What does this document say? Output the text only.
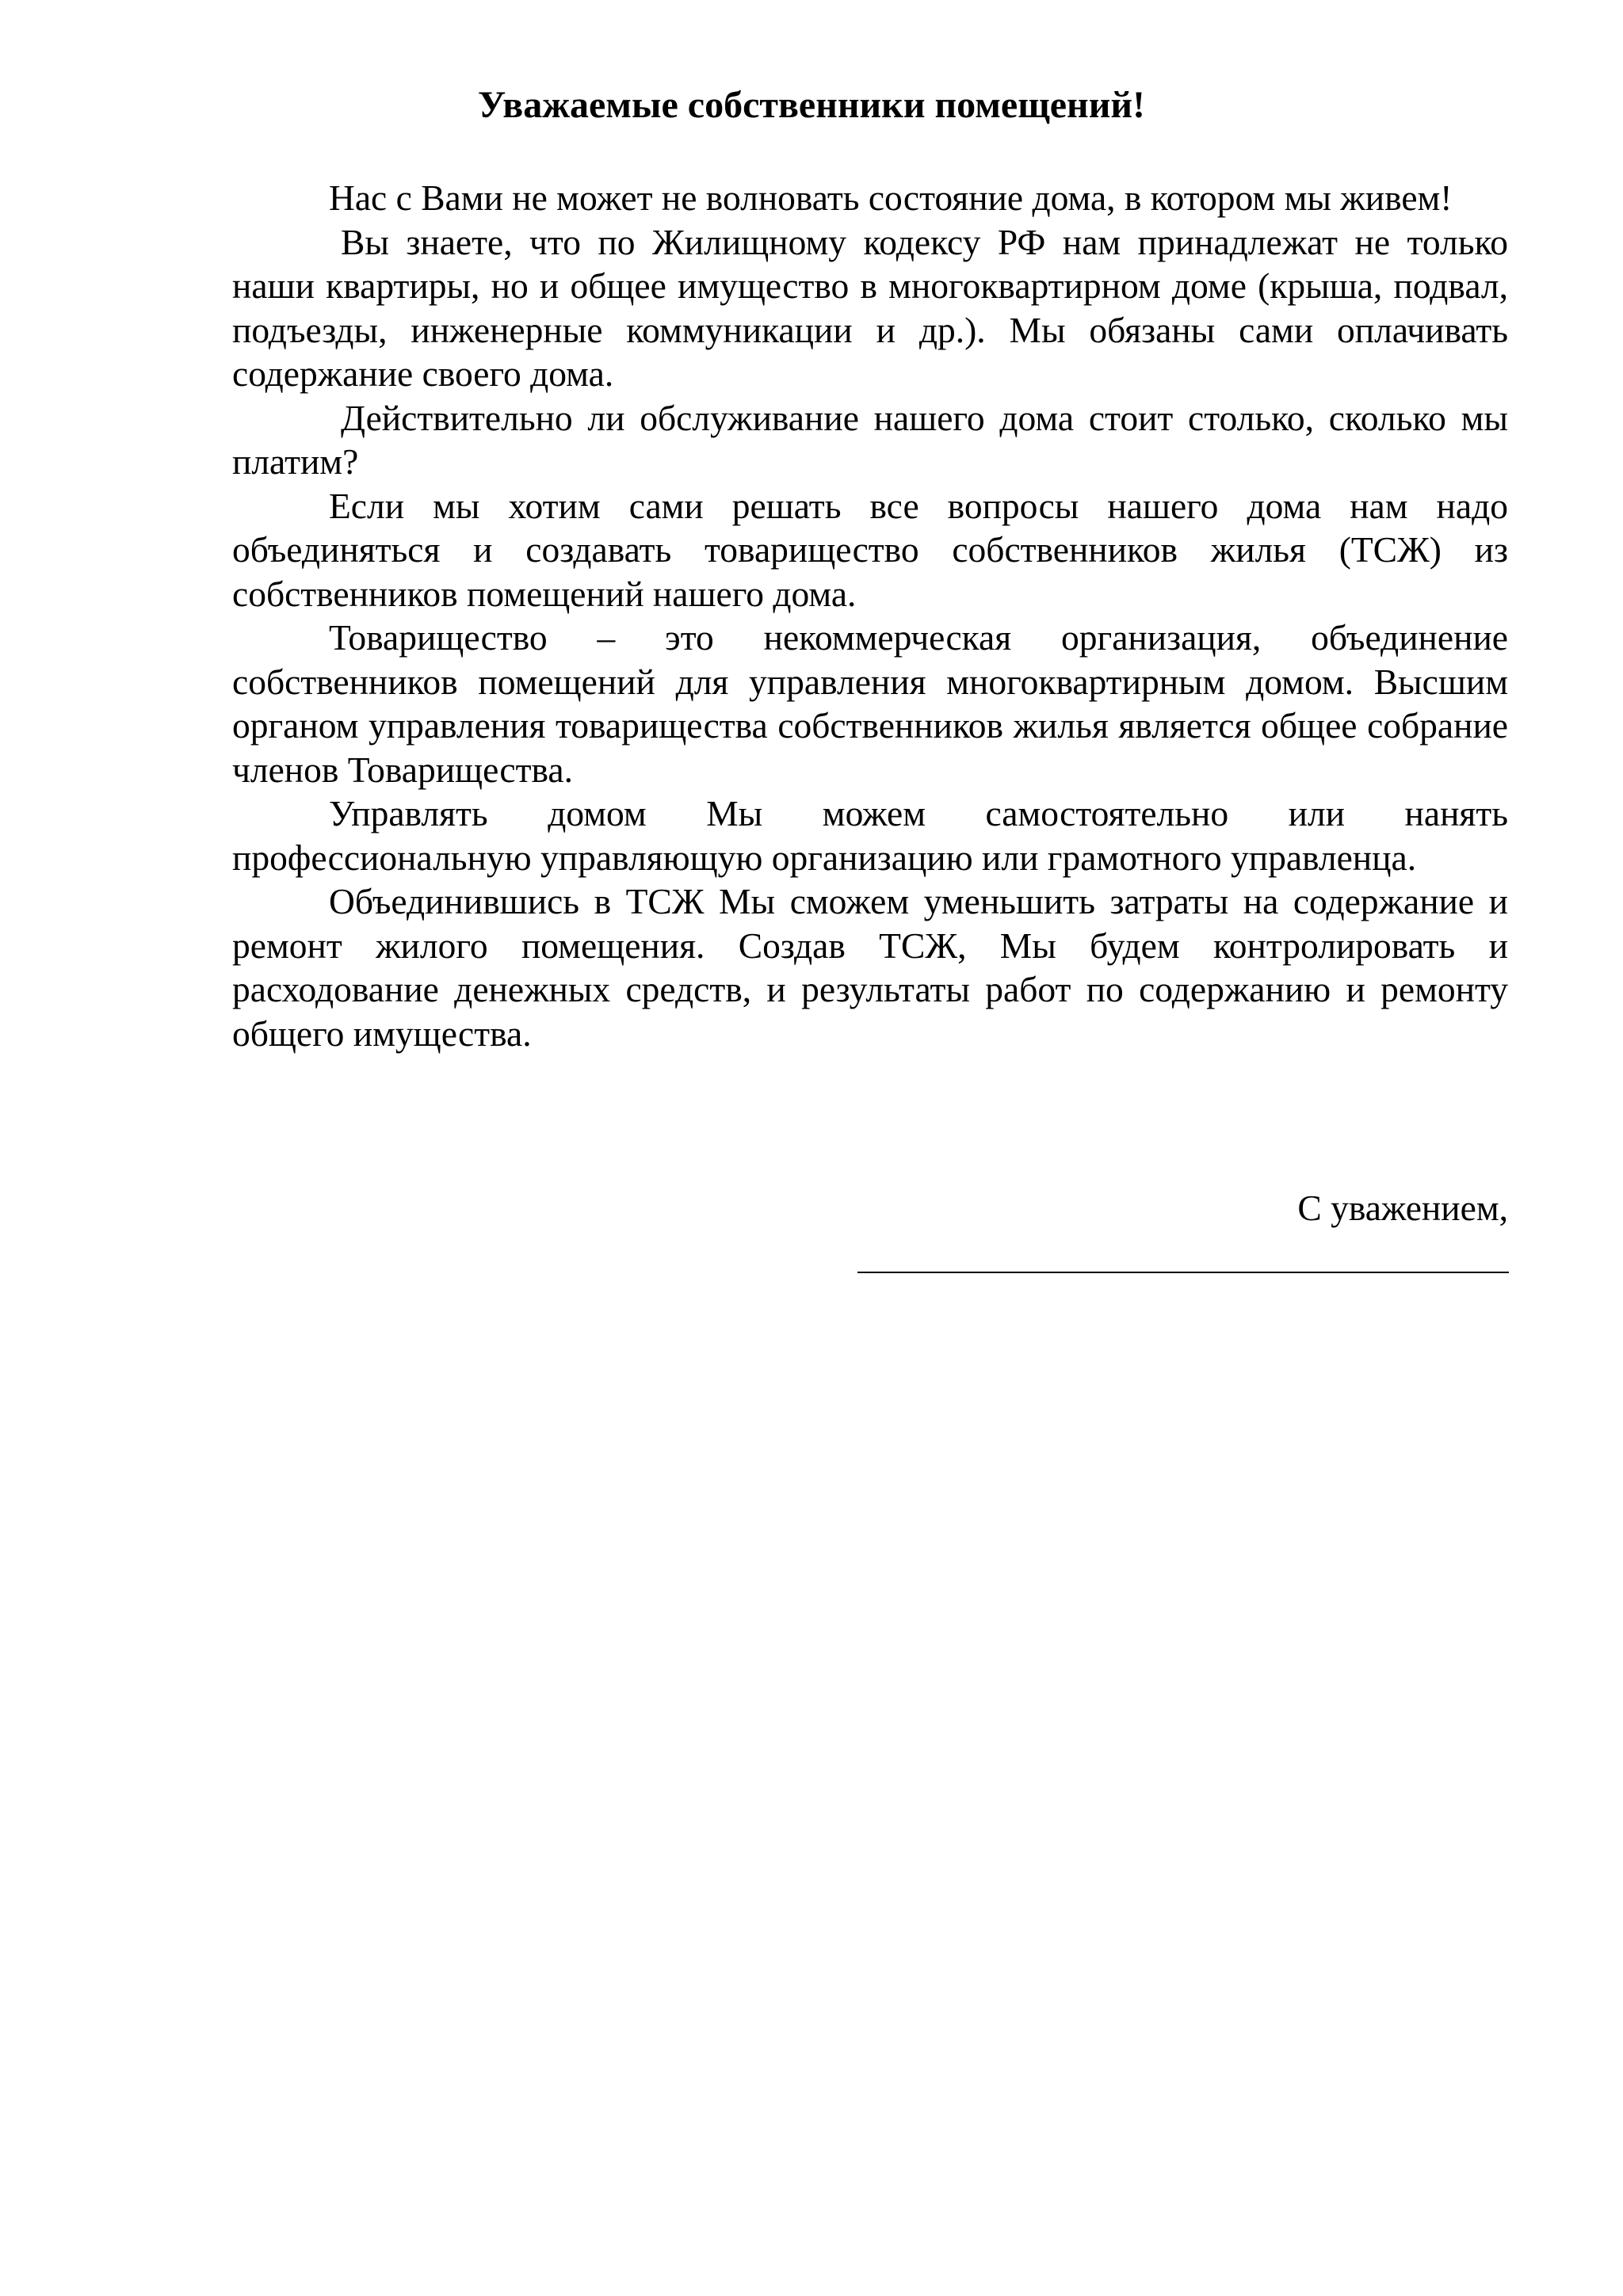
Уважаемые собственники помещений!

Нас с Вами не может не волновать состояние дома, в котором мы живем!

Вы знаете, что по Жилищному кодексу РФ нам принадлежат не только наши квартиры, но и общее имущество в многоквартирном доме (крыша, подвал, подъезды, инженерные коммуникации и др.). Мы обязаны сами оплачивать содержание своего дома.

Действительно ли обслуживание нашего дома стоит столько, сколько мы платим?

Если мы хотим сами решать все вопросы нашего дома нам надо объединяться и создавать товарищество собственников жилья (ТСЖ) из собственников помещений нашего дома.

Товарищество – это некоммерческая организация, объединение собственников помещений для управления многоквартирным домом. Высшим органом управления товарищества собственников жилья является общее собрание членов Товарищества.

Управлять домом Мы можем самостоятельно или нанять профессиональную управляющую организацию или грамотного управленца.

Объединившись в ТСЖ Мы сможем уменьшить затраты на содержание и ремонт жилого помещения. Создав ТСЖ, Мы будем контролировать и расходование денежных средств, и результаты работ по содержанию и ремонту общего имущества.

С уважением,
